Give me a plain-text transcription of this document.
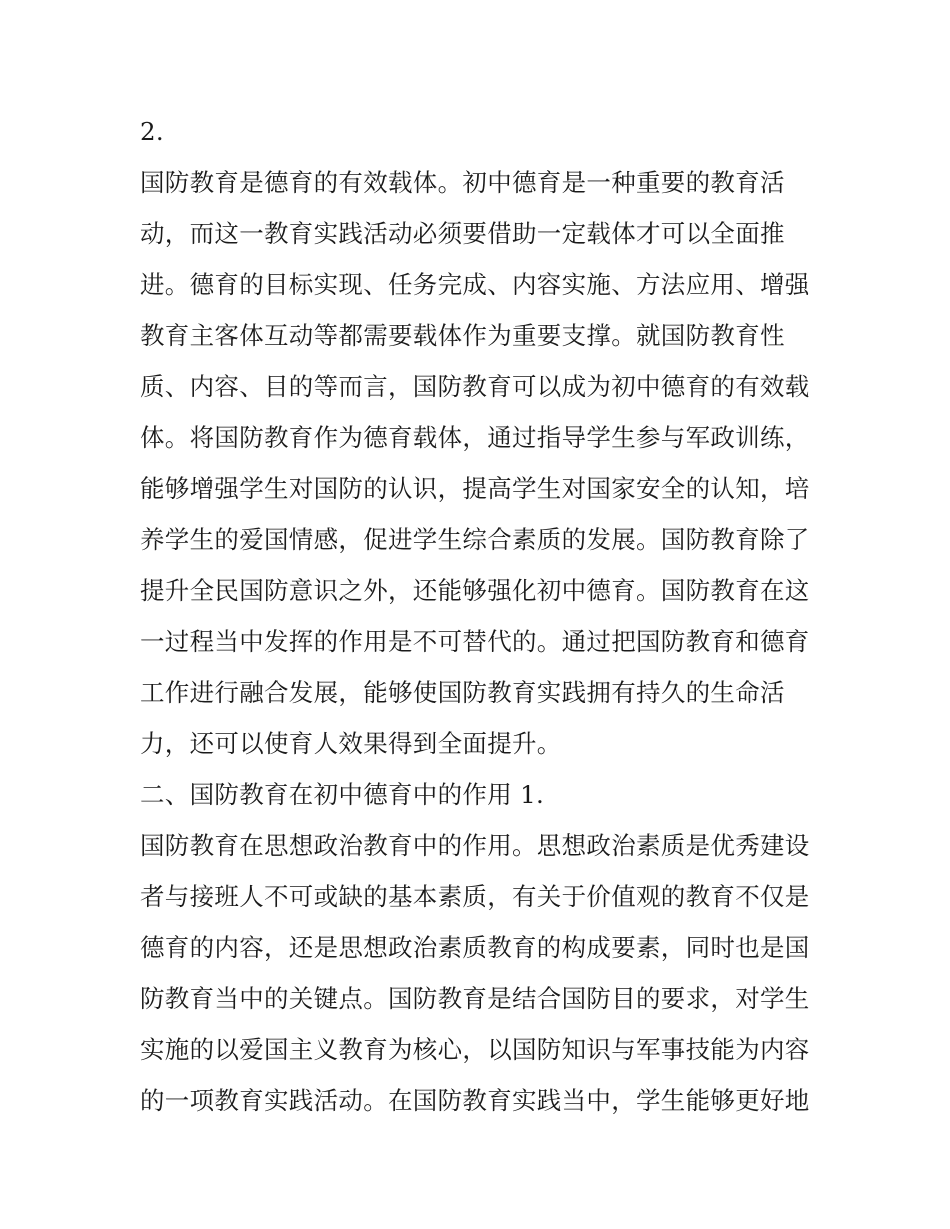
2.
国防教育是德育的有效载体。初中德育是一种重要的教育活
动，而这一教育实践活动必须要借助一定载体才可以全面推
进。德育的目标实现、任务完成、内容实施、方法应用、增强
教育主客体互动等都需要载体作为重要支撑。就国防教育性
质、内容、目的等而言，国防教育可以成为初中德育的有效载
体。将国防教育作为德育载体，通过指导学生参与军政训练，
能够增强学生对国防的认识，提高学生对国家安全的认知，培
养学生的爱国情感，促进学生综合素质的发展。国防教育除了
提升全民国防意识之外，还能够强化初中德育。国防教育在这
一过程当中发挥的作用是不可替代的。通过把国防教育和德育
工作进行融合发展，能够使国防教育实践拥有持久的生命活
力，还可以使育人效果得到全面提升。
二、国防教育在初中德育中的作用 1.
国防教育在思想政治教育中的作用。思想政治素质是优秀建设
者与接班人不可或缺的基本素质，有关于价值观的教育不仅是
德育的内容，还是思想政治素质教育的构成要素，同时也是国
防教育当中的关键点。国防教育是结合国防目的要求，对学生
实施的以爱国主义教育为核心，以国防知识与军事技能为内容
的一项教育实践活动。在国防教育实践当中，学生能够更好地
